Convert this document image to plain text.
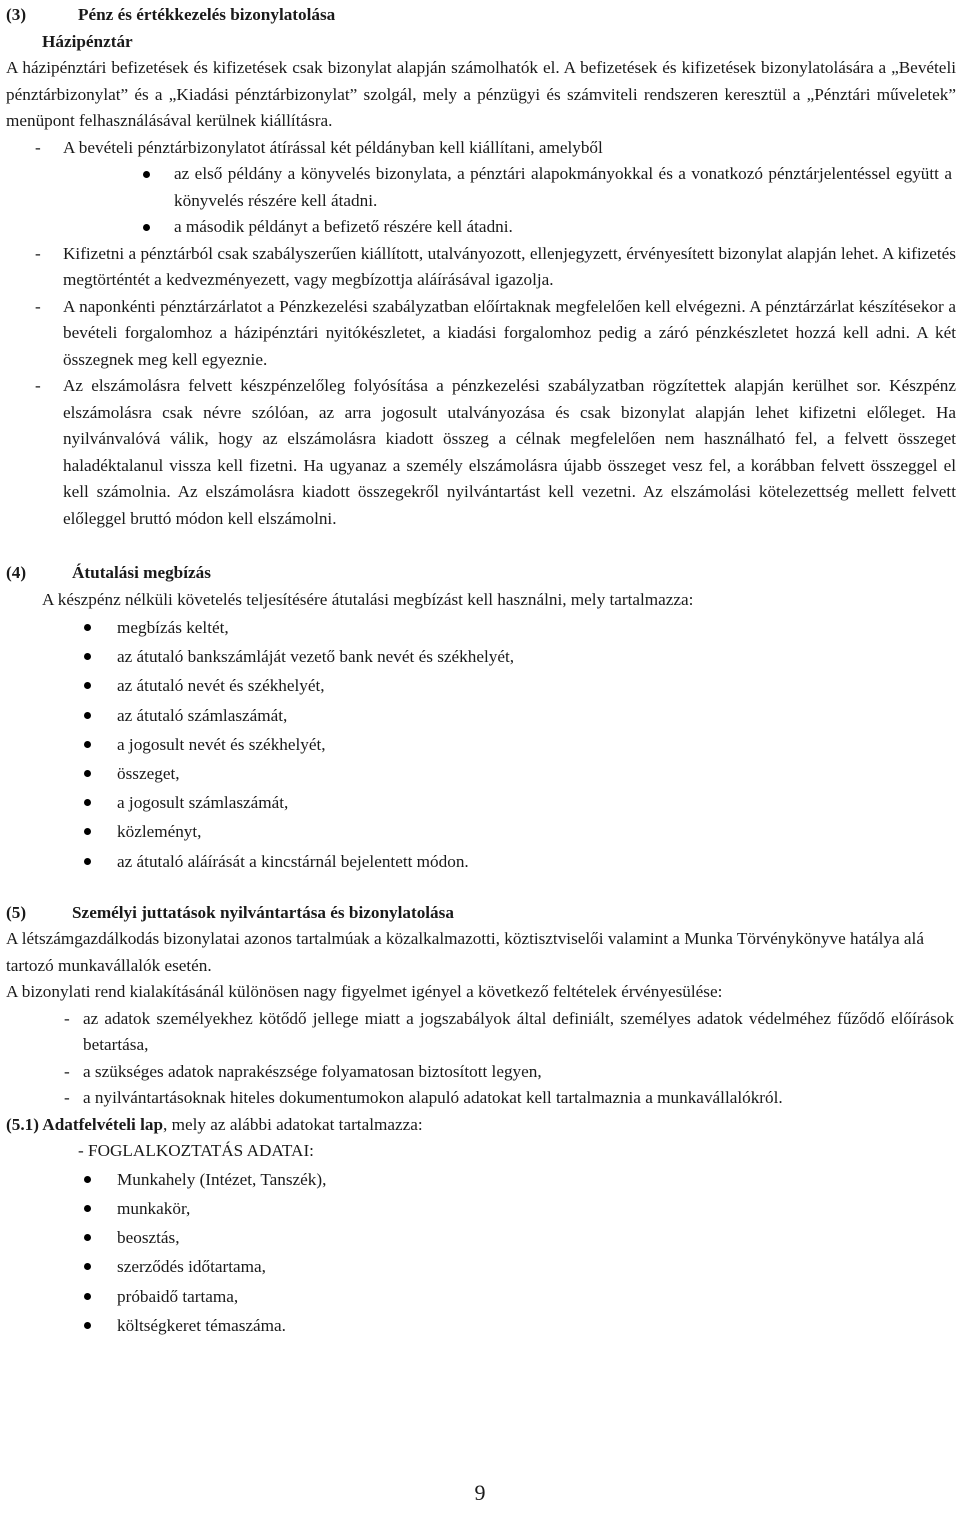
(3)	Pénz és értékkezelés bizonylatolása

Házipénztár

A házipénztári befizetések és kifizetések csak bizonylat alapján számolhatók el. A befizetések és kifizetések bizonylatolására a „Bevételi pénztárbizonylat” és a „Kiadási pénztárbizonylat” szolgál, mely a pénzügyi és számviteli rendszeren keresztül a „Pénztári műveletek” menüpont felhasználásával kerülnek kiállításra.

- A bevételi pénztárbizonylatot átírással két példányban kell kiállítani, amelyből
az első példány a könyvelés bizonylata, a pénztári alapokmányokkal és a vonatkozó pénztárjelentéssel együtt a könyvelés részére kell átadni.
a második példányt a befizető részére kell átadni.
- Kifizetni a pénztárból csak szabályszerűen kiállított, utalványozott, ellenjegyzett, érvényesített bizonylat alapján lehet. A kifizetés megtörténtét a kedvezményezett, vagy megbízottja aláírásával igazolja.
- A naponkénti pénztárzárlatot a Pénzkezelési szabályzatban előírtaknak megfelelően kell elvégezni. A pénztárzárlat készítésekor a bevételi forgalomhoz a házipénztári nyitókészletet, a kiadási forgalomhoz pedig a záró pénzkészletet hozzá kell adni. A két összegnek meg kell egyeznie.
- Az elszámolásra felvett készpénzelőleg folyósítása a pénzkezelési szabályzatban rögzítettek alapján kerülhet sor. Készpénz elszámolásra csak névre szólóan, az arra jogosult utalványozása és csak bizonylat alapján lehet kifizetni előleget. Ha nyilvánvalóvá válik, hogy az elszámolásra kiadott összeg a célnak megfelelően nem használható fel, a felvett összeget haladéktalanul vissza kell fizetni. Ha ugyanaz a személy elszámolásra újabb összeget vesz fel, a korábban felvett összeggel el kell számolnia. Az elszámolásra kiadott összegekről nyilvántartást kell vezetni. Az elszámolási kötelezettség mellett felvett előleggel bruttó módon kell elszámolni.
(4)	Átutalási megbízás

A készpénz nélküli követelés teljesítésére átutalási megbízást kell használni, mely tartalmazza:

megbízás keltét,
az átutaló bankszámláját vezető bank nevét és székhelyét,
az átutaló nevét és székhelyét,
az átutaló számlaszámát,
a jogosult nevét és székhelyét,
összeget,
a jogosult számlaszámát,
közleményt,
az átutaló aláírását a kincstárnál bejelentett módon.
(5)	Személyi juttatások nyilvántartása és bizonylatolása

A létszámgazdálkodás bizonylatai azonos tartalmúak a közalkalmazotti, köztisztviselői valamint a Munka Törvénykönyve hatálya alá tartozó munkavállalók esetén.

A bizonylati rend kialakításánál különösen nagy figyelmet igényel a következő feltételek érvényesülése:

- az adatok személyekhez kötődő jellege miatt a jogszabályok által definiált, személyes adatok védelméhez fűződő előírások betartása,
- a szükséges adatok naprakészsége folyamatosan biztosított legyen,
- a nyilvántartásoknak hiteles dokumentumokon alapuló adatokat kell tartalmaznia a munkavállalókról.

(5.1) Adatfelvételi lap, mely az alábbi adatokat tartalmazza:

- FOGLALKOZTATÁS ADATAI:

Munkahely (Intézet, Tanszék),
munkakör,
beosztás,
szerződés időtartama,
próbaidő tartama,
költségkeret témaszáma.
9
